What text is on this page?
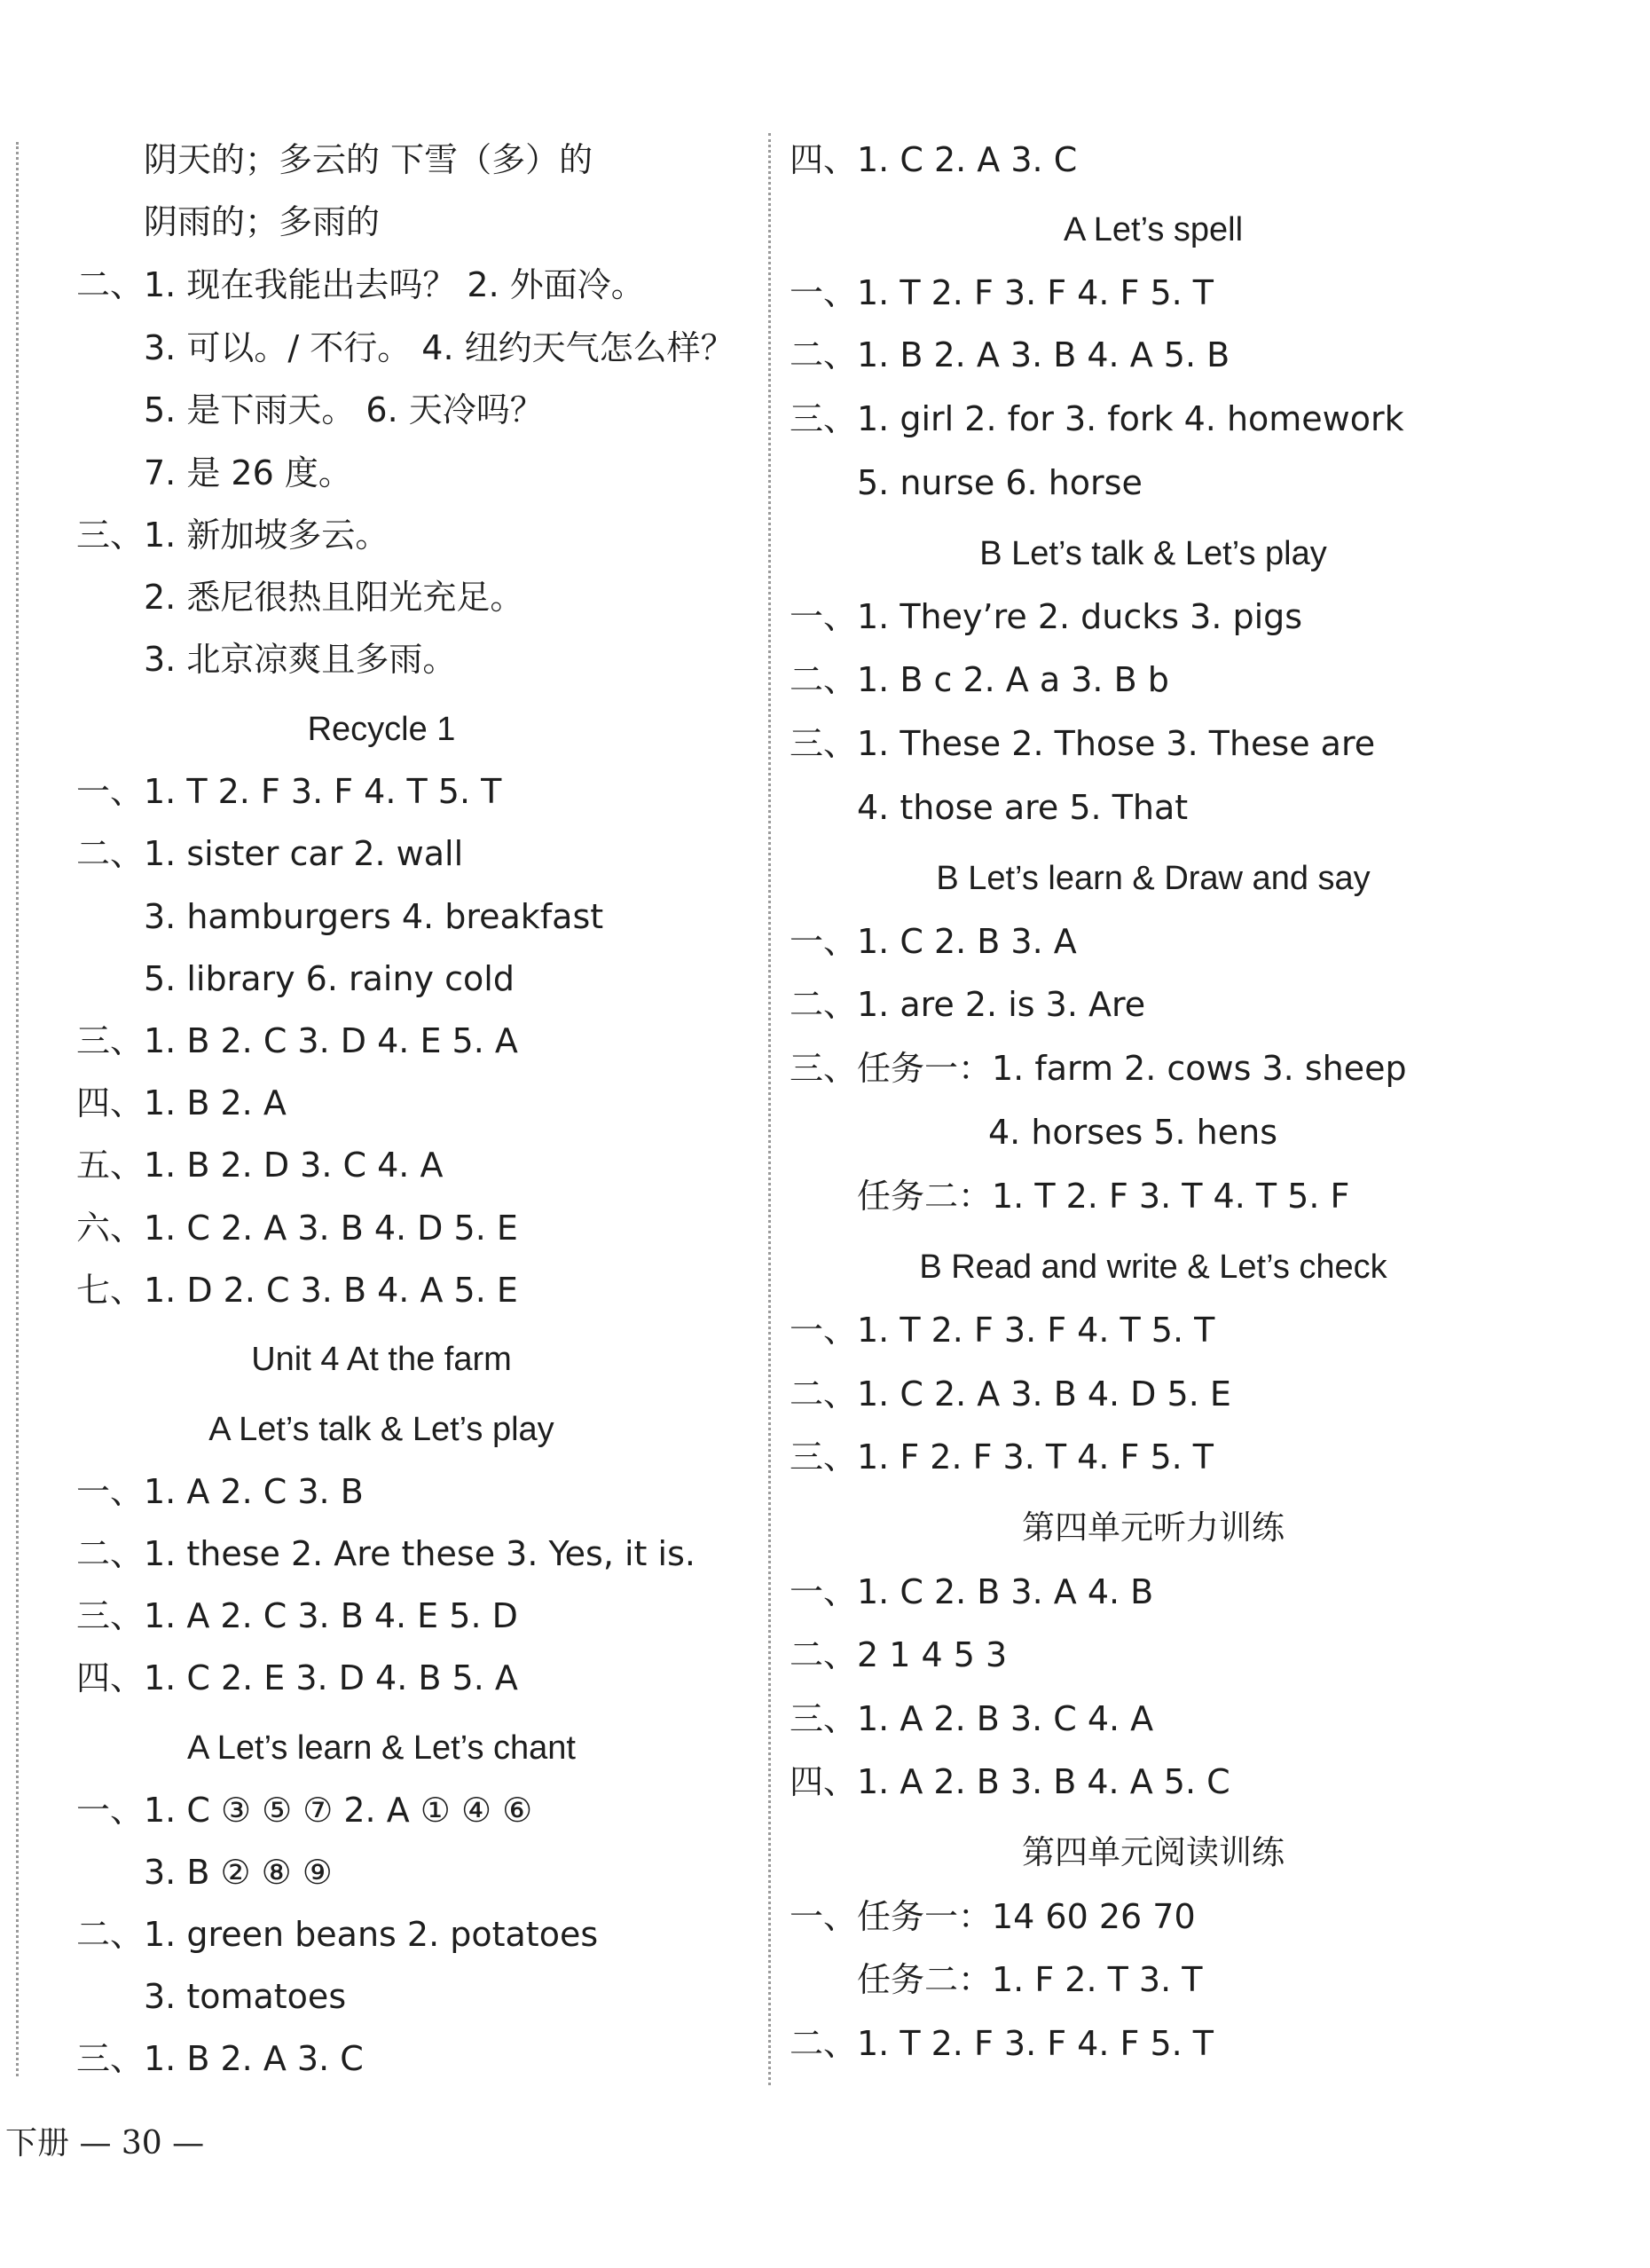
阴天的；多云的 下雪（多）的
阴雨的；多雨的
二、1. 现在我能出去吗？ 2. 外面冷。
3. 可以。/ 不行。 4. 纽约天气怎么样？
5. 是下雨天。 6. 天冷吗？
7. 是 26 度。
三、1. 新加坡多云。
2. 悉尼很热且阳光充足。
3. 北京凉爽且多雨。
Recycle 1
一、1. T 2. F 3. F 4. T 5. T
二、1. sister car 2. wall
3. hamburgers 4. breakfast
5. library 6. rainy cold
三、1. B 2. C 3. D 4. E 5. A
四、1. B 2. A
五、1. B 2. D 3. C 4. A
六、1. C 2. A 3. B 4. D 5. E
七、1. D 2. C 3. B 4. A 5. E
Unit 4 At the farm
A Let’s talk & Let’s play
一、1. A 2. C 3. B
二、1. these 2. Are these 3. Yes, it is.
三、1. A 2. C 3. B 4. E 5. D
四、1. C 2. E 3. D 4. B 5. A
A Let’s learn & Let’s chant
一、1. C ③ ⑤ ⑦ 2. A ① ④ ⑥
3. B ② ⑧ ⑨
二、1. green beans 2. potatoes
3. tomatoes
三、1. B 2. A 3. C
四、1. C 2. A 3. C
A Let’s spell
一、1. T 2. F 3. F 4. F 5. T
二、1. B 2. A 3. B 4. A 5. B
三、1. girl 2. for 3. fork 4. homework
5. nurse 6. horse
B Let’s talk & Let’s play
一、1. They’re 2. ducks 3. pigs
二、1. B c 2. A a 3. B b
三、1. These 2. Those 3. These are
4. those are 5. That
B Let’s learn & Draw and say
一、1. C 2. B 3. A
二、1. are 2. is 3. Are
三、任务一：1. farm 2. cows 3. sheep
4. horses 5. hens
任务二：1. T 2. F 3. T 4. T 5. F
B Read and write & Let’s check
一、1. T 2. F 3. F 4. T 5. T
二、1. C 2. A 3. B 4. D 5. E
三、1. F 2. F 3. T 4. F 5. T
第四单元听力训练
一、1. C 2. B 3. A 4. B
二、2 1 4 5 3
三、1. A 2. B 3. C 4. A
四、1. A 2. B 3. B 4. A 5. C
第四单元阅读训练
一、任务一：14 60 26 70
任务二：1. F 2. T 3. T
二、1. T 2. F 3. F 4. F 5. T
下册 — 30 —
